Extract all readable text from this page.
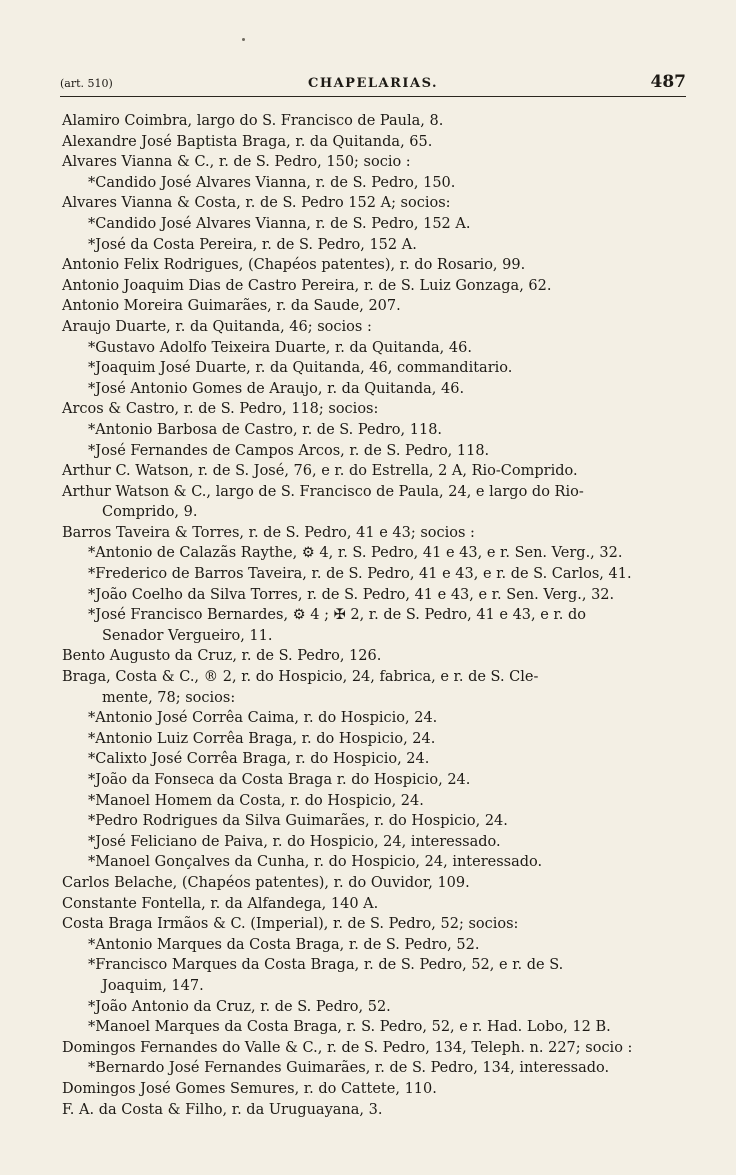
(art. 510)	CHAPELARIAS.	487
Alamiro Coimbra, largo do S. Francisco de Paula, 8.
Alexandre José Baptista Braga, r. da Quitanda, 65.
Alvares Vianna & C., r. de S. Pedro, 150; socio :
*Candido José Alvares Vianna, r. de S. Pedro, 150.
Alvares Vianna & Costa, r. de S. Pedro 152 A; socios:
*Candido José Alvares Vianna, r. de S. Pedro, 152 A.
*José da Costa Pereira, r. de S. Pedro, 152 A.
Antonio Felix Rodrigues, (Chapéos patentes), r. do Rosario, 99.
Antonio Joaquim Dias de Castro Pereira, r. de S. Luiz Gonzaga, 62.
Antonio Moreira Guimarães, r. da Saude, 207.
Araujo Duarte, r. da Quitanda, 46; socios :
*Gustavo Adolfo Teixeira Duarte, r. da Quitanda, 46.
*Joaquim José Duarte, r. da Quitanda, 46, commanditario.
*José Antonio Gomes de Araujo, r. da Quitanda, 46.
Arcos & Castro, r. de S. Pedro, 118; socios:
*Antonio Barbosa de Castro, r. de S. Pedro, 118.
*José Fernandes de Campos Arcos, r. de S. Pedro, 118.
Arthur C. Watson, r. de S. José, 76, e r. do Estrella, 2 A, Rio-Comprido.
Arthur Watson & C., largo de S. Francisco de Paula, 24, e largo do Rio-
Comprido, 9.
Barros Taveira & Torres, r. de S. Pedro, 41 e 43; socios :
*Antonio de Calazãs Raythe, ⚙ 4, r. S. Pedro, 41 e 43, e r. Sen. Verg., 32.
*Frederico de Barros Taveira, r. de S. Pedro, 41 e 43, e r. de S. Carlos, 41.
*João Coelho da Silva Torres, r. de S. Pedro, 41 e 43, e r. Sen. Verg., 32.
*José Francisco Bernardes, ⚙ 4 ; ✠ 2, r. de S. Pedro, 41 e 43, e r. do
Senador Vergueiro, 11.
Bento Augusto da Cruz, r. de S. Pedro, 126.
Braga, Costa & C., ® 2, r. do Hospicio, 24, fabrica, e r. de S. Cle-
mente, 78; socios:
*Antonio José Corrêa Caima, r. do Hospicio, 24.
*Antonio Luiz Corrêa Braga, r. do Hospicio, 24.
*Calixto José Corrêa Braga, r. do Hospicio, 24.
*João da Fonseca da Costa Braga r. do Hospicio, 24.
*Manoel Homem da Costa, r. do Hospicio, 24.
*Pedro Rodrigues da Silva Guimarães, r. do Hospicio, 24.
*José Feliciano de Paiva, r. do Hospicio, 24, interessado.
*Manoel Gonçalves da Cunha, r. do Hospicio, 24, interessado.
Carlos Belache, (Chapéos patentes), r. do Ouvidor, 109.
Constante Fontella, r. da Alfandega, 140 A.
Costa Braga Irmãos & C. (Imperial), r. de S. Pedro, 52; socios:
*Antonio Marques da Costa Braga, r. de S. Pedro, 52.
*Francisco Marques da Costa Braga, r. de S. Pedro, 52, e r. de S.
Joaquim, 147.
*João Antonio da Cruz, r. de S. Pedro, 52.
*Manoel Marques da Costa Braga, r. S. Pedro, 52, e r. Had. Lobo, 12 B.
Domingos Fernandes do Valle & C., r. de S. Pedro, 134, Teleph. n. 227; socio :
*Bernardo José Fernandes Guimarães, r. de S. Pedro, 134, interessado.
Domingos José Gomes Semures, r. do Cattete, 110.
F. A. da Costa & Filho, r. da Uruguayana, 3.
